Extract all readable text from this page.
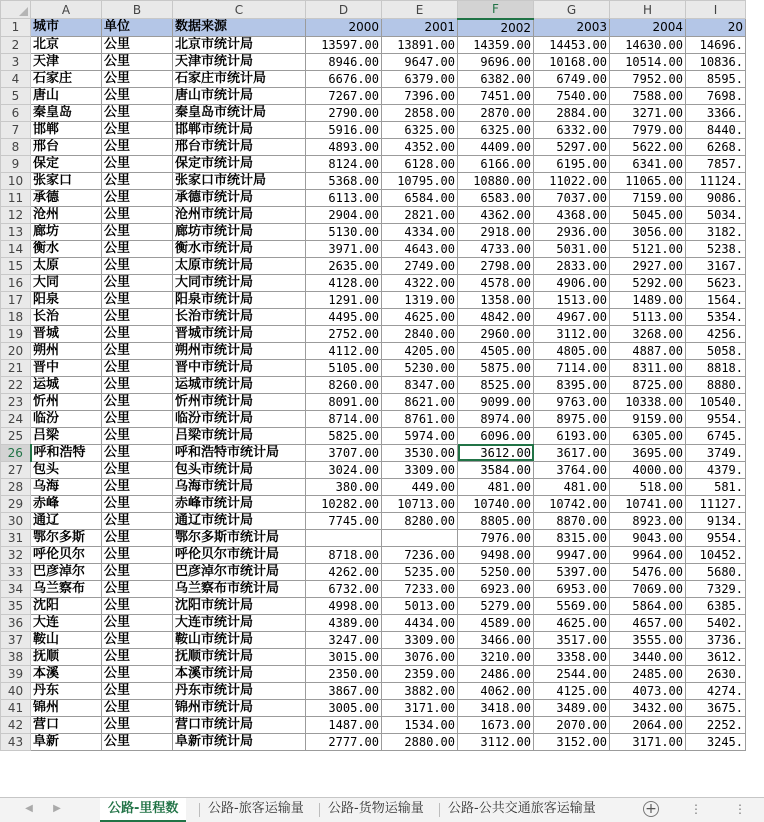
	A	B	C	D	E	F	G	H	I
1	城市	单位	数据来源	2000	2001	2002	2003	2004	20
2	北京	公里	北京市统计局	13597.00	13891.00	14359.00	14453.00	14630.00	14696.
3	天津	公里	天津市统计局	8946.00	9647.00	9696.00	10168.00	10514.00	10836.
4	石家庄	公里	石家庄市统计局	6676.00	6379.00	6382.00	6749.00	7952.00	8595.
5	唐山	公里	唐山市统计局	7267.00	7396.00	7451.00	7540.00	7588.00	7698.
6	秦皇岛	公里	秦皇岛市统计局	2790.00	2858.00	2870.00	2884.00	3271.00	3366.
7	邯郸	公里	邯郸市统计局	5916.00	6325.00	6325.00	6332.00	7979.00	8440.
8	邢台	公里	邢台市统计局	4893.00	4352.00	4409.00	5297.00	5622.00	6268.
9	保定	公里	保定市统计局	8124.00	6128.00	6166.00	6195.00	6341.00	7857.
10	张家口	公里	张家口市统计局	5368.00	10795.00	10880.00	11022.00	11065.00	11124.
11	承德	公里	承德市统计局	6113.00	6584.00	6583.00	7037.00	7159.00	9086.
12	沧州	公里	沧州市统计局	2904.00	2821.00	4362.00	4368.00	5045.00	5034.
13	廊坊	公里	廊坊市统计局	5130.00	4334.00	2918.00	2936.00	3056.00	3182.
14	衡水	公里	衡水市统计局	3971.00	4643.00	4733.00	5031.00	5121.00	5238.
15	太原	公里	太原市统计局	2635.00	2749.00	2798.00	2833.00	2927.00	3167.
16	大同	公里	大同市统计局	4128.00	4322.00	4578.00	4906.00	5292.00	5623.
17	阳泉	公里	阳泉市统计局	1291.00	1319.00	1358.00	1513.00	1489.00	1564.
18	长治	公里	长治市统计局	4495.00	4625.00	4842.00	4967.00	5113.00	5354.
19	晋城	公里	晋城市统计局	2752.00	2840.00	2960.00	3112.00	3268.00	4256.
20	朔州	公里	朔州市统计局	4112.00	4205.00	4505.00	4805.00	4887.00	5058.
21	晋中	公里	晋中市统计局	5105.00	5230.00	5875.00	7114.00	8311.00	8818.
22	运城	公里	运城市统计局	8260.00	8347.00	8525.00	8395.00	8725.00	8880.
23	忻州	公里	忻州市统计局	8091.00	8621.00	9099.00	9763.00	10338.00	10540.
24	临汾	公里	临汾市统计局	8714.00	8761.00	8974.00	8975.00	9159.00	9554.
25	吕梁	公里	吕梁市统计局	5825.00	5974.00	6096.00	6193.00	6305.00	6745.
26	呼和浩特	公里	呼和浩特市统计局	3707.00	3530.00	3612.00	3617.00	3695.00	3749.
27	包头	公里	包头市统计局	3024.00	3309.00	3584.00	3764.00	4000.00	4379.
28	乌海	公里	乌海市统计局	380.00	449.00	481.00	481.00	518.00	581.
29	赤峰	公里	赤峰市统计局	10282.00	10713.00	10740.00	10742.00	10741.00	11127.
30	通辽	公里	通辽市统计局	7745.00	8280.00	8805.00	8870.00	8923.00	9134.
31	鄂尔多斯	公里	鄂尔多斯市统计局			7976.00	8315.00	9043.00	9554.
32	呼伦贝尔	公里	呼伦贝尔市统计局	8718.00	7236.00	9498.00	9947.00	9964.00	10452.
33	巴彦淖尔	公里	巴彦淖尔市统计局	4262.00	5235.00	5250.00	5397.00	5476.00	5680.
34	乌兰察布	公里	乌兰察布市统计局	6732.00	7233.00	6923.00	6953.00	7069.00	7329.
35	沈阳	公里	沈阳市统计局	4998.00	5013.00	5279.00	5569.00	5864.00	6385.
36	大连	公里	大连市统计局	4389.00	4434.00	4589.00	4625.00	4657.00	5402.
37	鞍山	公里	鞍山市统计局	3247.00	3309.00	3466.00	3517.00	3555.00	3736.
38	抚顺	公里	抚顺市统计局	3015.00	3076.00	3210.00	3358.00	3440.00	3612.
39	本溪	公里	本溪市统计局	2350.00	2359.00	2486.00	2544.00	2485.00	2630.
40	丹东	公里	丹东市统计局	3867.00	3882.00	4062.00	4125.00	4073.00	4274.
41	锦州	公里	锦州市统计局	3005.00	3171.00	3418.00	3489.00	3432.00	3675.
42	营口	公里	营口市统计局	1487.00	1534.00	1673.00	2070.00	2064.00	2252.
43	阜新	公里	阜新市统计局	2777.00	2880.00	3112.00	3152.00	3171.00	3245.
◀	▶	公路-里程数	公路-旅客运输量	公路-货物运输量	公路-公共交通旅客运输量	+	⋮	⋮
